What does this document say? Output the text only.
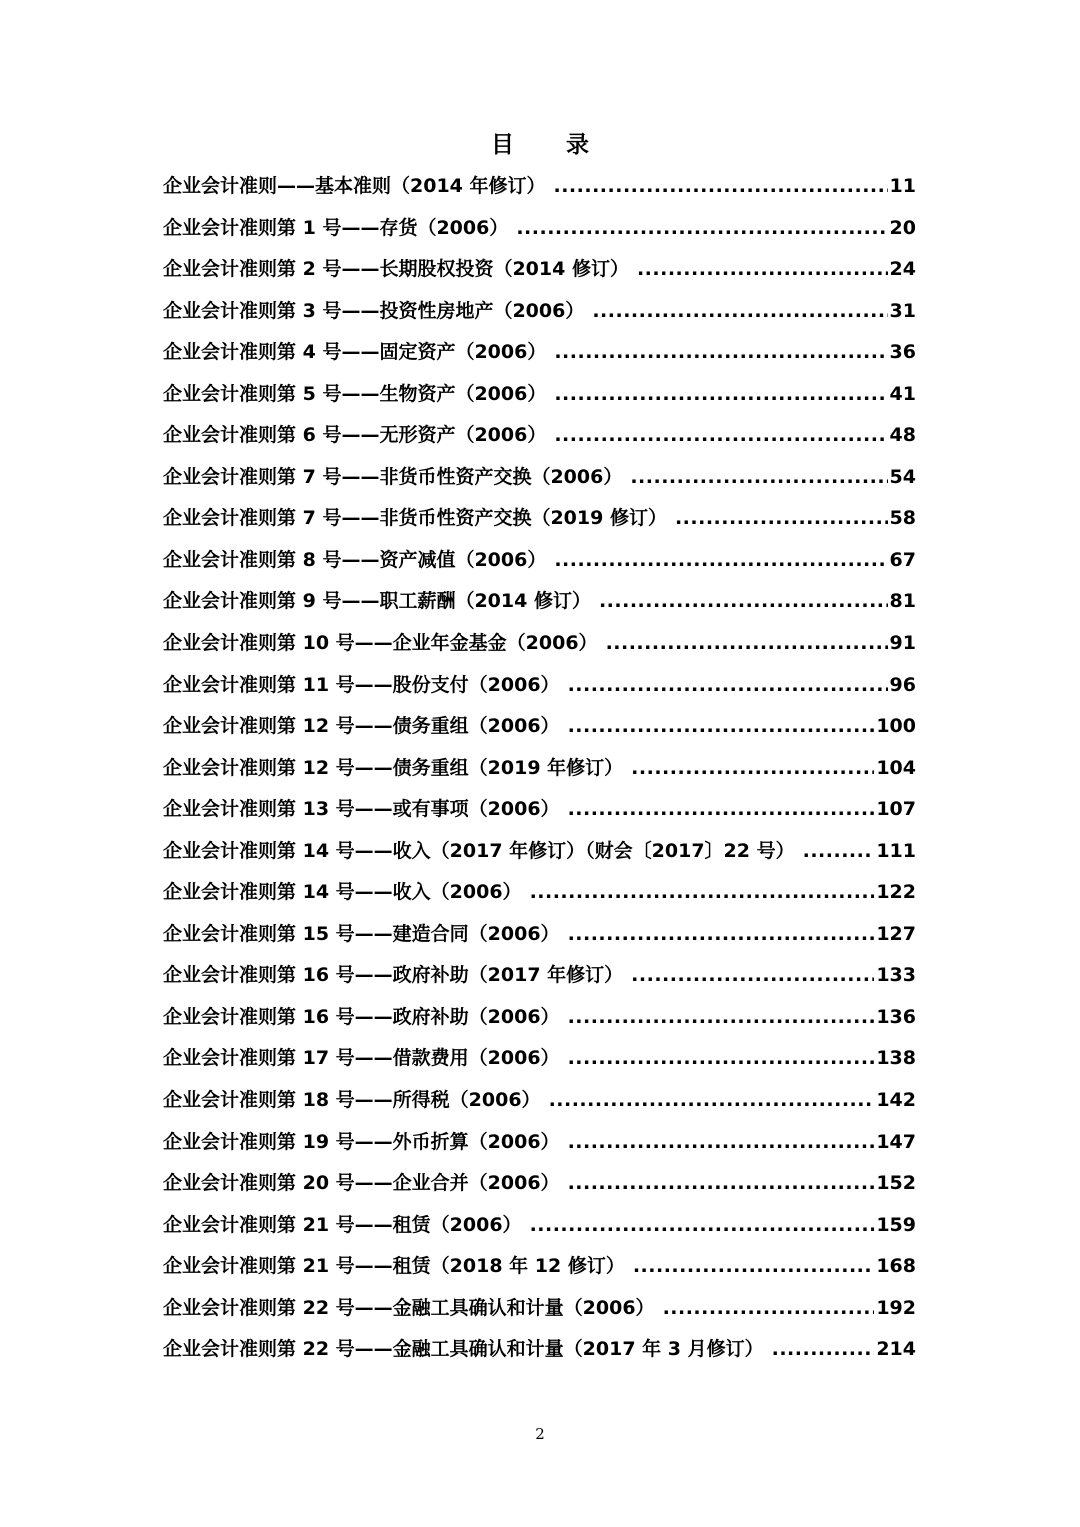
目 录
企业会计准则——基本准则（2014 年修订） .....	11
企业会计准则第 1 号——存货（2006） .....	20
企业会计准则第 2 号——长期股权投资（2014 修订） .....	24
企业会计准则第 3 号——投资性房地产（2006） .....	31
企业会计准则第 4 号——固定资产（2006） .....	36
企业会计准则第 5 号——生物资产（2006） .....	41
企业会计准则第 6 号——无形资产（2006） .....	48
企业会计准则第 7 号——非货币性资产交换（2006） .....	54
企业会计准则第 7 号——非货币性资产交换（2019 修订） .....	58
企业会计准则第 8 号——资产减值（2006） .....	67
企业会计准则第 9 号——职工薪酬（2014 修订） .....	81
企业会计准则第 10 号——企业年金基金（2006） .....	91
企业会计准则第 11 号——股份支付（2006） .....	96
企业会计准则第 12 号——债务重组（2006） .....	100
企业会计准则第 12 号——债务重组（2019 年修订） .....	104
企业会计准则第 13 号——或有事项（2006） .....	107
企业会计准则第 14 号——收入（2017 年修订）（财会〔2017〕22 号） .....	111
企业会计准则第 14 号——收入（2006） .....	122
企业会计准则第 15 号——建造合同（2006） .....	127
企业会计准则第 16 号——政府补助（2017 年修订） .....	133
企业会计准则第 16 号——政府补助（2006） .....	136
企业会计准则第 17 号——借款费用（2006） .....	138
企业会计准则第 18 号——所得税（2006） .....	142
企业会计准则第 19 号——外币折算（2006） .....	147
企业会计准则第 20 号——企业合并（2006） .....	152
企业会计准则第 21 号——租赁（2006） .....	159
企业会计准则第 21 号——租赁（2018 年 12 修订） .....	168
企业会计准则第 22 号——金融工具确认和计量（2006） .....	192
企业会计准则第 22 号——金融工具确认和计量（2017 年 3 月修订） .....	214
2
